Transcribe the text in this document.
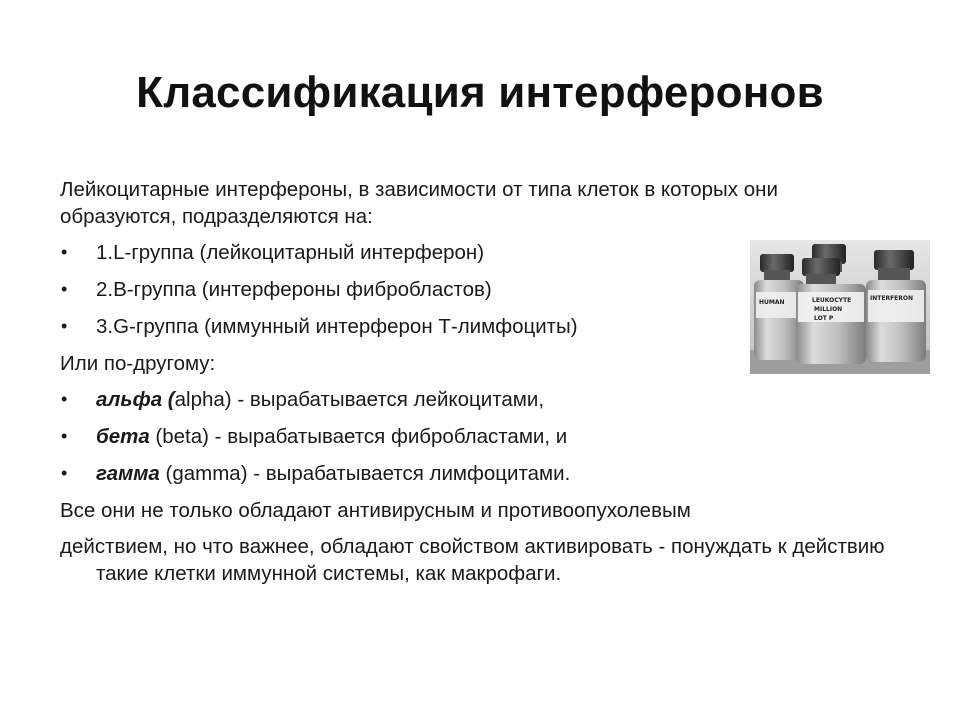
Классификация интерферонов

Лейкоцитарные интерфероны, в зависимости от типа клеток в которых они образуются, подразделяются на:

• 1.L-группа (лейкоцитарный интерферон)
• 2.B-группа (интерфероны фибробластов)
• 3.G-группа (иммунный интерферон Т-лимфоциты)

Или по-другому:

• альфа (alpha) - вырабатывается лейкоцитами,
• бета (beta) - вырабатывается фибробластами, и
• гамма (gamma) - вырабатывается лимфоцитами.

Все они не только обладают антивирусным и противоопухолевым

действием, но что важнее, обладают свойством активировать - понуждать к действию такие клетки иммунной системы, как макрофаги.

HUMAN	LEUKOCYTE
MILLION
LOT P
INTERFERON
